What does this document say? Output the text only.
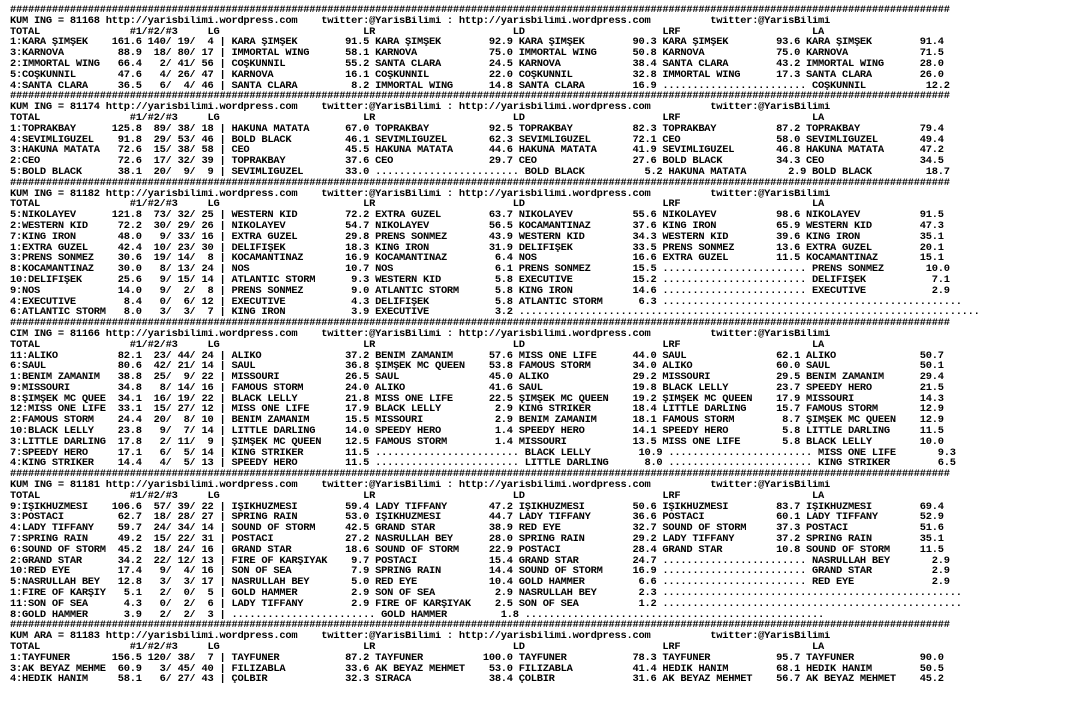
#############################################################################################################################################################
KUM ING = 81168 http://yarisbilimi.wordpress.com    twitter:@YarisBilimi : http://yarisbilimi.wordpress.com          twitter:@YarisBilimi
TOTAL               #1/#2/#3     LG                        LR                       LD                       LRF                      LA
1:KARA ŞİMŞEK    161.6 140/ 19/  4 | KARA ŞİMŞEK        91.5 KARA ŞİMŞEK        92.9 KARA ŞİMŞEK        90.3 KARA ŞİMŞEK        93.6 KARA ŞİMŞEK        91.4
3:KARNOVA         88.9  18/ 80/ 17 | IMMORTAL WING      58.1 KARNOVA            75.0 IMMORTAL WING      50.8 KARNOVA            75.0 KARNOVA            71.5
2:IMMORTAL WING   66.4   2/ 41/ 56 | COŞKUNNİL          55.2 SANTA CLARA        24.5 KARNOVA            38.4 SANTA CLARA        43.2 IMMORTAL WING      28.0
5:COŞKUNNİL       47.6   4/ 26/ 47 | KARNOVA            16.1 COŞKUNNİL          22.0 COŞKUNNİL          32.8 IMMORTAL WING      17.3 SANTA CLARA        26.0
4:SANTA CLARA     36.5   6/  4/ 46 | SANTA CLARA         8.2 IMMORTAL WING      14.8 SANTA CLARA        16.9 ........................ COŞKUNNİL          12.2
#############################################################################################################################################################
KUM ING = 81174 http://yarisbilimi.wordpress.com    twitter:@YarisBilimi : http://yarisbilimi.wordpress.com          twitter:@YarisBilimi
TOTAL               #1/#2/#3     LG                        LR                       LD                       LRF                      LA
1:TOPRAKBAY      125.8  89/ 38/ 18 | HAKUNA MATATA      67.0 TOPRAKBAY          92.5 TOPRAKBAY          82.3 TOPRAKBAY          87.2 TOPRAKBAY          79.4
4:SEVİMLİGÜZEL    91.8  29/ 53/ 46 | BOLD BLACK         46.1 SEVİMLİGÜZEL       62.3 SEVİMLİGÜZEL       72.1 CEO                58.0 SEVİMLİGÜZEL       49.4
3:HAKUNA MATATA   72.6  15/ 38/ 58 | CEO                45.5 HAKUNA MATATA      44.6 HAKUNA MATATA      41.9 SEVİMLİGÜZEL       46.8 HAKUNA MATATA      47.2
2:CEO             72.6  17/ 32/ 39 | TOPRAKBAY          37.6 CEO                29.7 CEO                27.6 BOLD BLACK         34.3 CEO                34.5
5:BOLD BLACK      38.1  20/  9/  9 | SEVİMLİGÜZEL       33.0 ........................ BOLD BLACK          5.2 HAKUNA MATATA       2.9 BOLD BLACK         18.7
#############################################################################################################################################################
KUM ING = 81182 http://yarisbilimi.wordpress.com    twitter:@YarisBilimi : http://yarisbilimi.wordpress.com          twitter:@YarisBilimi
TOTAL               #1/#2/#3     LG                        LR                       LD                       LRF                      LA
5:NIKOLAYEV      121.8  73/ 32/ 25 | WESTERN KID        72.2 EXTRA GÜZEL        63.7 NIKOLAYEV          55.6 NIKOLAYEV          98.6 NIKOLAYEV          91.5
2:WESTERN KID     72.2  30/ 29/ 26 | NIKOLAYEV          54.7 NIKOLAYEV          56.5 KOCAMANTINAZ       37.6 KING IRON          65.9 WESTERN KID        47.3
7:KING IRON       48.0   9/ 33/ 16 | EXTRA GÜZEL        29.8 PRENS SÖNMEZ       43.9 WESTERN KID        34.3 WESTERN KID        39.6 KING IRON          35.1
1:EXTRA GÜZEL     42.4  10/ 23/ 30 | DELİFİŞEK          18.3 KING IRON          31.9 DELİFİŞEK          33.5 PRENS SÖNMEZ       13.6 EXTRA GÜZEL        20.1
3:PRENS SÖNMEZ    30.6  19/ 14/  8 | KOCAMANTINAZ       16.9 KOCAMANTINAZ        6.4 NOS                16.6 EXTRA GÜZEL        11.5 KOCAMANTINAZ       15.1
8:KOCAMANTINAZ    30.0   8/ 13/ 24 | NOS                10.7 NOS                 6.1 PRENS SÖNMEZ       15.5 ........................ PRENS SÖNMEZ       10.0
10:DELİFİŞEK      25.6   9/ 15/ 14 | ATLANTIC STORM      9.3 WESTERN KID         5.8 EXECUTIVE          15.2 ........................ DELİFİŞEK           7.1
9:NOS             14.0   9/  2/  8 | PRENS SÖNMEZ        9.0 ATLANTIC STORM      5.8 KING IRON          14.6 ........................ EXECUTIVE           2.9
4:EXECUTIVE        8.4   0/  6/ 12 | EXECUTIVE           4.3 DELİFİŞEK           5.8 ATLANTIC STORM      6.3 ..................................................
6:ATLANTIC STORM   8.0   3/  3/  7 | KING IRON           3.9 EXECUTIVE           3.2 .............................................................................
#############################################################################################################################################################
CIM ING = 81166 http://yarisbilimi.wordpress.com    twitter:@YarisBilimi : http://yarisbilimi.wordpress.com          twitter:@YarisBilimi
TOTAL               #1/#2/#3     LG                        LR                       LD                       LRF                      LA
11:ALİKO          82.1  23/ 44/ 24 | ALİKO              37.2 BENİM ZAMANIM      57.6 MISS ONE LIFE      44.0 SAUL               62.1 ALİKO              50.7
6:SAUL            80.6  42/ 21/ 14 | SAUL               36.8 ŞİMŞEK MC QUEEN    53.8 FAMOUS STORM       34.0 ALİKO              60.0 SAUL               50.1
1:BENİM ZAMANIM   38.8  25/  9/ 22 | MISSOURI           26.5 SAUL               45.0 ALİKO              29.2 MISSOURI           29.5 BENİM ZAMANIM      29.4
9:MISSOURI        34.8   8/ 14/ 16 | FAMOUS STORM       24.0 ALİKO              41.6 SAUL               19.8 BLACK LELLY        23.7 SPEEDY HERO        21.5
8:ŞİMŞEK MC QUEE  34.1  16/ 19/ 22 | BLACK LELLY        21.8 MISS ONE LIFE      22.5 ŞİMŞEK MC QUEEN    19.2 ŞİMŞEK MC QUEEN    17.9 MISSOURI           14.3
12:MISS ONE LIFE  33.1  15/ 27/ 12 | MISS ONE LIFE      17.9 BLACK LELLY         2.9 KING STRIKER       18.4 LITTLE DARLING     15.7 FAMOUS STORM       12.9
2:FAMOUS STORM    24.4  20/  8/ 10 | BENİM ZAMANIM      15.5 MISSOURI            2.9 BENİM ZAMANIM      18.1 FAMOUS STORM        8.7 ŞİMŞEK MC QUEEN    12.9
10:BLACK LELLY    23.8   9/  7/ 14 | LITTLE DARLING     14.0 SPEEDY HERO         1.4 SPEEDY HERO        14.1 SPEEDY HERO         5.8 LITTLE DARLING     11.5
3:LITTLE DARLING  17.8   2/ 11/  9 | ŞİMŞEK MC QUEEN    12.5 FAMOUS STORM        1.4 MISSOURI           13.5 MISS ONE LIFE       5.8 BLACK LELLY        10.0
7:SPEEDY HERO     17.1   6/  5/ 14 | KING STRIKER       11.5 ........................ BLACK LELLY        10.9 ........................ MISS ONE LIFE       9.3
4:KING STRIKER    14.4   4/  5/ 13 | SPEEDY HERO        11.5 ........................ LITTLE DARLING      8.0 ........................ KING STRIKER        6.5
#############################################################################################################################################################
KUM ING = 81181 http://yarisbilimi.wordpress.com    twitter:@YarisBilimi : http://yarisbilimi.wordpress.com          twitter:@YarisBilimi
TOTAL               #1/#2/#3     LG                        LR                       LD                       LRF                      LA
9:IŞIKHÜZMESİ    106.6  57/ 39/ 22 | IŞIKHÜZMESİ        59.4 LADY TIFFANY       47.2 IŞIKHÜZMESİ        50.6 IŞIKHÜZMESİ        83.7 IŞIKHÜZMESİ        69.4
3:POSTACI         62.7  18/ 28/ 27 | SPRING RAIN        53.0 IŞIKHÜZMESİ        44.7 LADY TIFFANY       36.6 POSTACI            60.1 LADY TIFFANY       52.9
4:LADY TIFFANY    59.7  24/ 34/ 14 | SOUND OF STORM     42.5 GRAND STAR         38.9 RED EYE            32.7 SOUND OF STORM     37.3 POSTACI            51.6
7:SPRING RAIN     49.2  15/ 22/ 31 | POSTACI            27.2 NASRULLAH BEY      28.0 SPRING RAIN        29.2 LADY TIFFANY       37.2 SPRING RAIN        35.1
6:SOUND OF STORM  45.2  18/ 24/ 16 | GRAND STAR         18.6 SOUND OF STORM     22.9 POSTACI            28.4 GRAND STAR         10.8 SOUND OF STORM     11.5
2:GRAND STAR      34.2  22/ 12/ 13 | FIRE OF KARŞIYAK    9.7 POSTACI            15.4 GRAND STAR         24.7 ........................ NASRULLAH BEY       2.9
10:RED EYE        17.4   9/  4/ 16 | SON OF SEA          7.9 SPRING RAIN        14.4 SOUND OF STORM     16.9 ........................ GRAND STAR          2.9
5:NASRULLAH BEY   12.8   3/  3/ 17 | NASRULLAH BEY       5.0 RED EYE            10.4 GOLD HAMMER         6.6 ........................ RED EYE             2.9
1:FIRE OF KARŞIY   5.1   2/  0/  5 | GOLD HAMMER         2.9 SON OF SEA          2.9 NASRULLAH BEY       2.3 ..................................................
11:SON OF SEA      4.3   0/  2/  6 | LADY TIFFANY        2.9 FIRE OF KARŞIYAK    2.5 SON OF SEA          1.2 ..................................................
8:GOLD HAMMER      3.9   2/  2/  3 | ........................ GOLD HAMMER         1.8 ..................................................
#############################################################################################################################################################
KUM ARA = 81183 http://yarisbilimi.wordpress.com    twitter:@YarisBilimi : http://yarisbilimi.wordpress.com          twitter:@YarisBilimi
TOTAL               #1/#2/#3     LG                        LR                       LD                       LRF                      LA
1:TAYFUNER       156.5 120/ 38/  7 | TAYFUNER           87.2 TAYFUNER          100.0 TAYFUNER           78.3 TAYFUNER           95.7 TAYFUNER           90.0
3:AK BEYAZ MEHME  60.9   3/ 45/ 40 | FİLİZABLA          33.6 AK BEYAZ MEHMET    53.0 FİLİZABLA          41.4 HEDİK HANIM        68.1 HEDİK HANIM        50.5
4:HEDİK HANIM     58.1   6/ 27/ 43 | ÇOLBİR             32.3 SIRACA             38.4 ÇOLBİR             31.6 AK BEYAZ MEHMET    56.7 AK BEYAZ MEHMET    45.2
